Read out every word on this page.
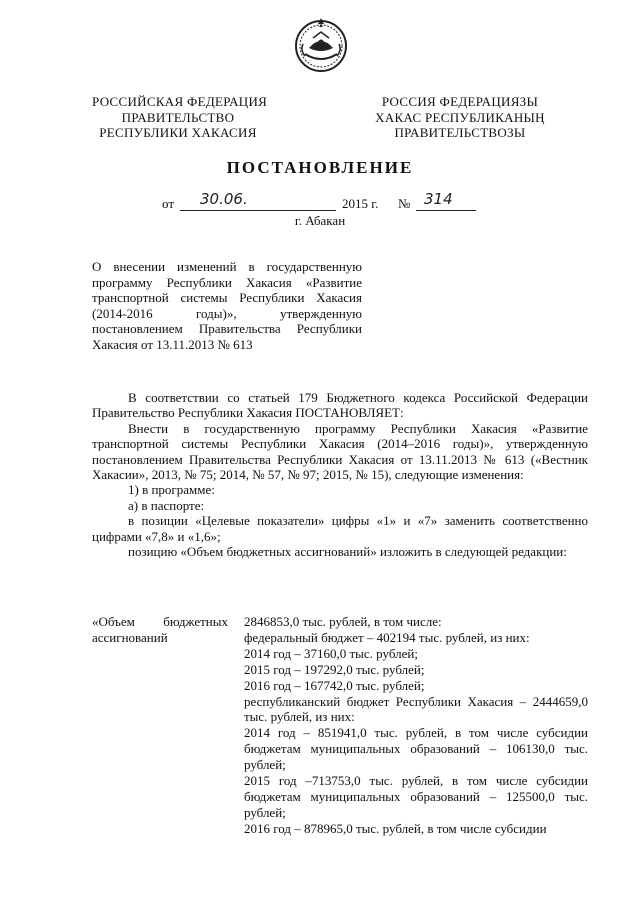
РОССИЙСКАЯ ФЕДЕРАЦИЯ
ПРАВИТЕЛЬСТВО
РЕСПУБЛИКИ ХАКАСИЯ
РОССИЯ ФЕДЕРАЦИЯЗЫ
ХАКАС РЕСПУБЛИКАНЫҢ
ПРАВИТЕЛЬСТВОЗЫ
ПОСТАНОВЛЕНИЕ
от 30.06.	2015 г. № 314
г. Абакан
О внесении изменений в государственную
программу Республики Хакасия «Развитие
транспортной системы Республики Хакасия
(2014-2016 годы)», утвержденную
постановлением Правительства Республики
Хакасия от 13.11.2013 № 613
В соответствии со статьей 179 Бюджетного кодекса Российской Федерации Правительство Республики Хакасия ПОСТАНОВЛЯЕТ:
Внести в государственную программу Республики Хакасия «Развитие транспортной системы Республики Хакасия (2014–2016 годы)», утвержденную постановлением Правительства Республики Хакасия от 13.11.2013 № 613 («Вестник Хакасии», 2013, № 75; 2014, № 57, № 97; 2015, № 15), следующие изменения:
1) в программе:
а) в паспорте:
в позиции «Целевые показатели» цифры «1» и «7» заменить соответственно цифрами «7,8» и «1,6»;
позицию «Объем бюджетных ассигнований» изложить в следующей редакции:
«Объем бюджетных ассигнований
2846853,0 тыс. рублей, в том числе:
федеральный бюджет – 402194 тыс. рублей, из них:
2014 год – 37160,0 тыс. рублей;
2015 год – 197292,0 тыс. рублей;
2016 год – 167742,0 тыс. рублей;
республиканский бюджет Республики Хакасия – 2444659,0 тыс. рублей, из них:
2014 год – 851941,0 тыс. рублей, в том числе субсидии бюджетам муниципальных образований – 106130,0 тыс. рублей;
2015 год –713753,0 тыс. рублей, в том числе субсидии бюджетам муниципальных образований – 125500,0 тыс. рублей;
2016 год – 878965,0 тыс. рублей, в том числе субсидии
